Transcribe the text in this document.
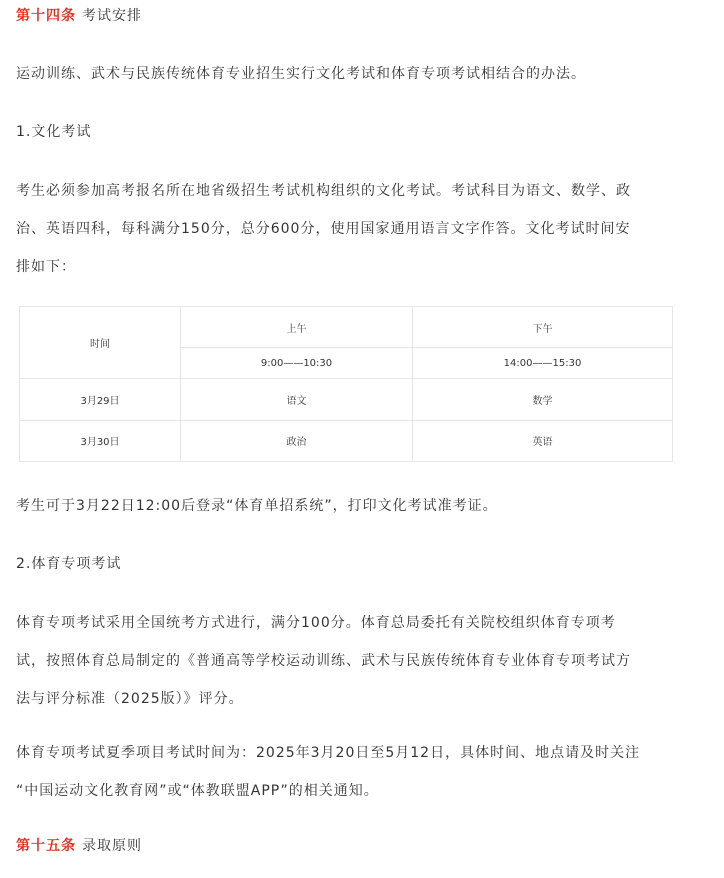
第十四条 考试安排
运动训练、武术与民族传统体育专业招生实行文化考试和体育专项考试相结合的办法。
1.文化考试
考生必须参加高考报名所在地省级招生考试机构组织的文化考试。考试科目为语文、数学、政
治、英语四科，每科满分150分，总分600分，使用国家通用语言文字作答。文化考试时间安
排如下：
时间	上午	下午
	9:00——10:30	14:00——15:30
3月29日	语文	数学
3月30日	政治	英语
考生可于3月22日12:00后登录“体育单招系统”，打印文化考试准考证。
2.体育专项考试
体育专项考试采用全国统考方式进行，满分100分。体育总局委托有关院校组织体育专项考
试，按照体育总局制定的《普通高等学校运动训练、武术与民族传统体育专业体育专项考试方
法与评分标准（2025版）》评分。
体育专项考试夏季项目考试时间为：2025年3月20日至5月12日，具体时间、地点请及时关注
“中国运动文化教育网”或“体教联盟APP”的相关通知。
第十五条 录取原则
